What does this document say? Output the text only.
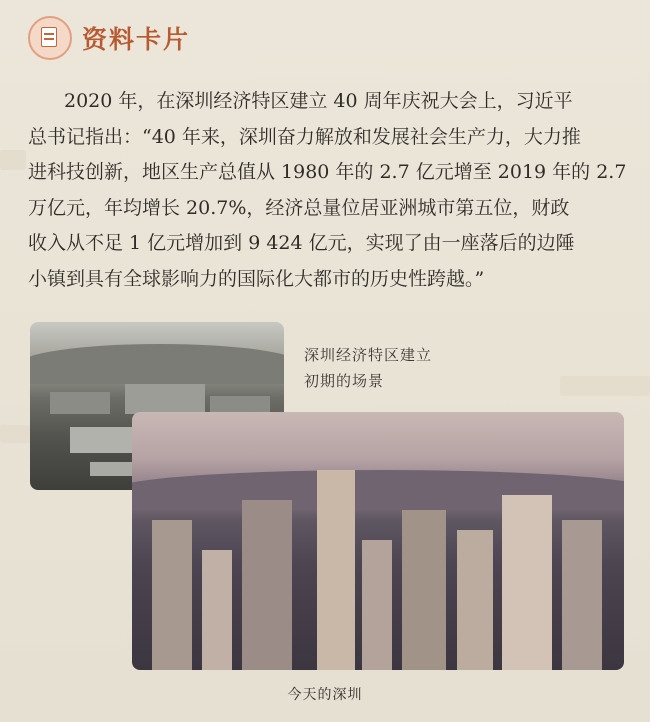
资料卡片

2020 年，在深圳经济特区建立 40 周年庆祝大会上，习近平
总书记指出：“40 年来，深圳奋力解放和发展社会生产力，大力推
进科技创新，地区生产总值从 1980 年的 2.7 亿元增至 2019 年的 2.7
万亿元，年均增长 20.7%，经济总量位居亚洲城市第五位，财政
收入从不足 1 亿元增加到 9 424 亿元，实现了由一座落后的边陲
小镇到具有全球影响力的国际化大都市的历史性跨越。”

深圳经济特区建立
初期的场景
今天的深圳
